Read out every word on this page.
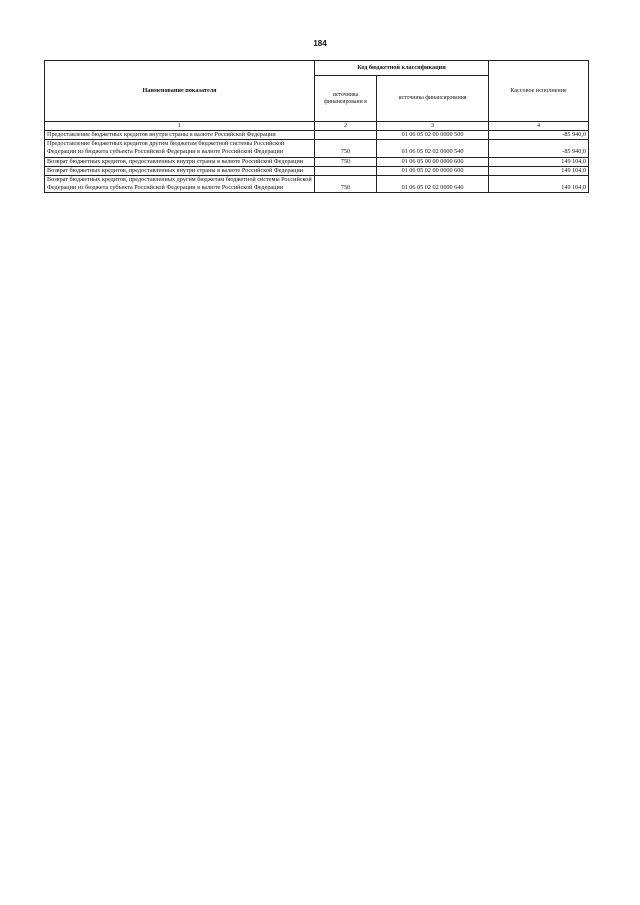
184
Наименование показателя	Код бюджетной классификации		Кассовое исполнение
	источника финансировани я	источника финансирования	
1	2	3	4
Предоставление бюджетных кредитов внутри страны в валюте Российской Федерации		01 06 05 02 00 0000 500	-85 940,0
Предоставление бюджетных кредитов другим бюджетам бюджетной системы Российской Федерации из бюджета субъекта Российской Федерации в валюте Российской Федерации	750	01 06 05 02 02 0000 540	-85 940,0
Возврат бюджетных кредитов, предоставленных внутри страны в валюте Российской Федерации	750	01 06 05 00 00 0000 600	149 104,0
Возврат бюджетных кредитов, предоставленных внутри страны в валюте Российской Федерации		01 06 05 02 00 0000 600	149 104,0
Возврат бюджетных кредитов, предоставленных другим бюджетам бюджетной системы Российской Федерации из бюджета субъекта Российской Федерации в валюте Российской Федерации	750	01 06 05 02 02 0000 640	149 104,0
